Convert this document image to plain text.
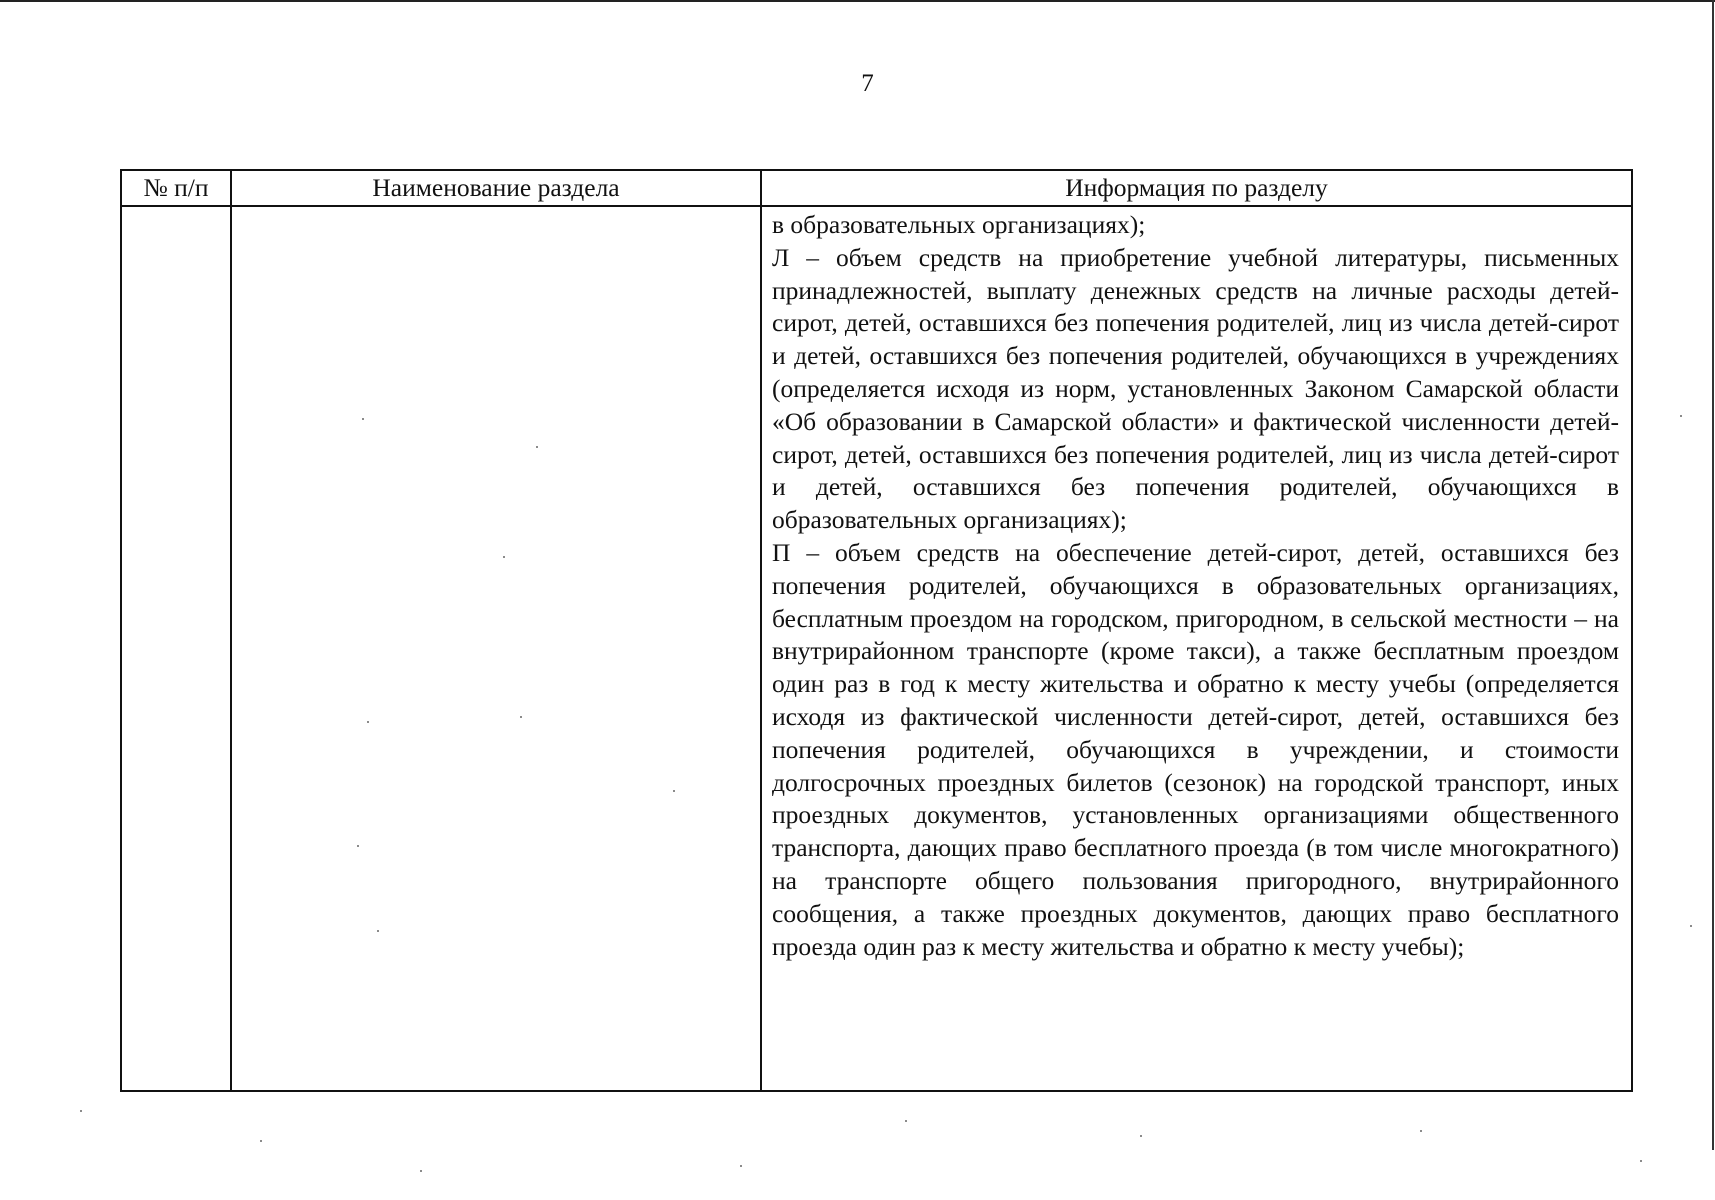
7
№ п/п	Наименование раздела	Информация по разделу

		в образовательных организациях);

Л – объем средств на приобретение учебной литературы, письменных принадлежностей, выплату денежных средств на личные расходы детей-сирот, детей, оставшихся без попечения родителей, лиц из числа детей-сирот и детей, оставшихся без попечения родителей, обучающихся в учреждениях (определяется исходя из норм, установленных Законом Самарской области «Об образовании в Самарской области» и фактической численности детей-сирот, детей, оставшихся без попечения родителей, лиц из числа детей-сирот и детей, оставшихся без попечения родителей, обучающихся в образовательных организациях);

П – объем средств на обеспечение детей-сирот, детей, оставшихся без попечения родителей, обучающихся в образовательных организациях, бесплатным проездом на городском, пригородном, в сельской местности – на внутрирайонном транспорте (кроме такси), а также бесплатным проездом один раз в год к месту жительства и обратно к месту учебы (определяется исходя из фактической численности детей-сирот, детей, оставшихся без попечения родителей, обучающихся в учреждении, и стоимости долгосрочных проездных билетов (сезонок) на городской транспорт, иных проездных документов, установленных организациями общественного транспорта, дающих право бесплатного проезда (в том числе многократного) на транспорте общего пользования пригородного, внутрирайонного сообщения, а также проездных документов, дающих право бесплатного проезда один раз к месту жительства и обратно к месту учебы);
